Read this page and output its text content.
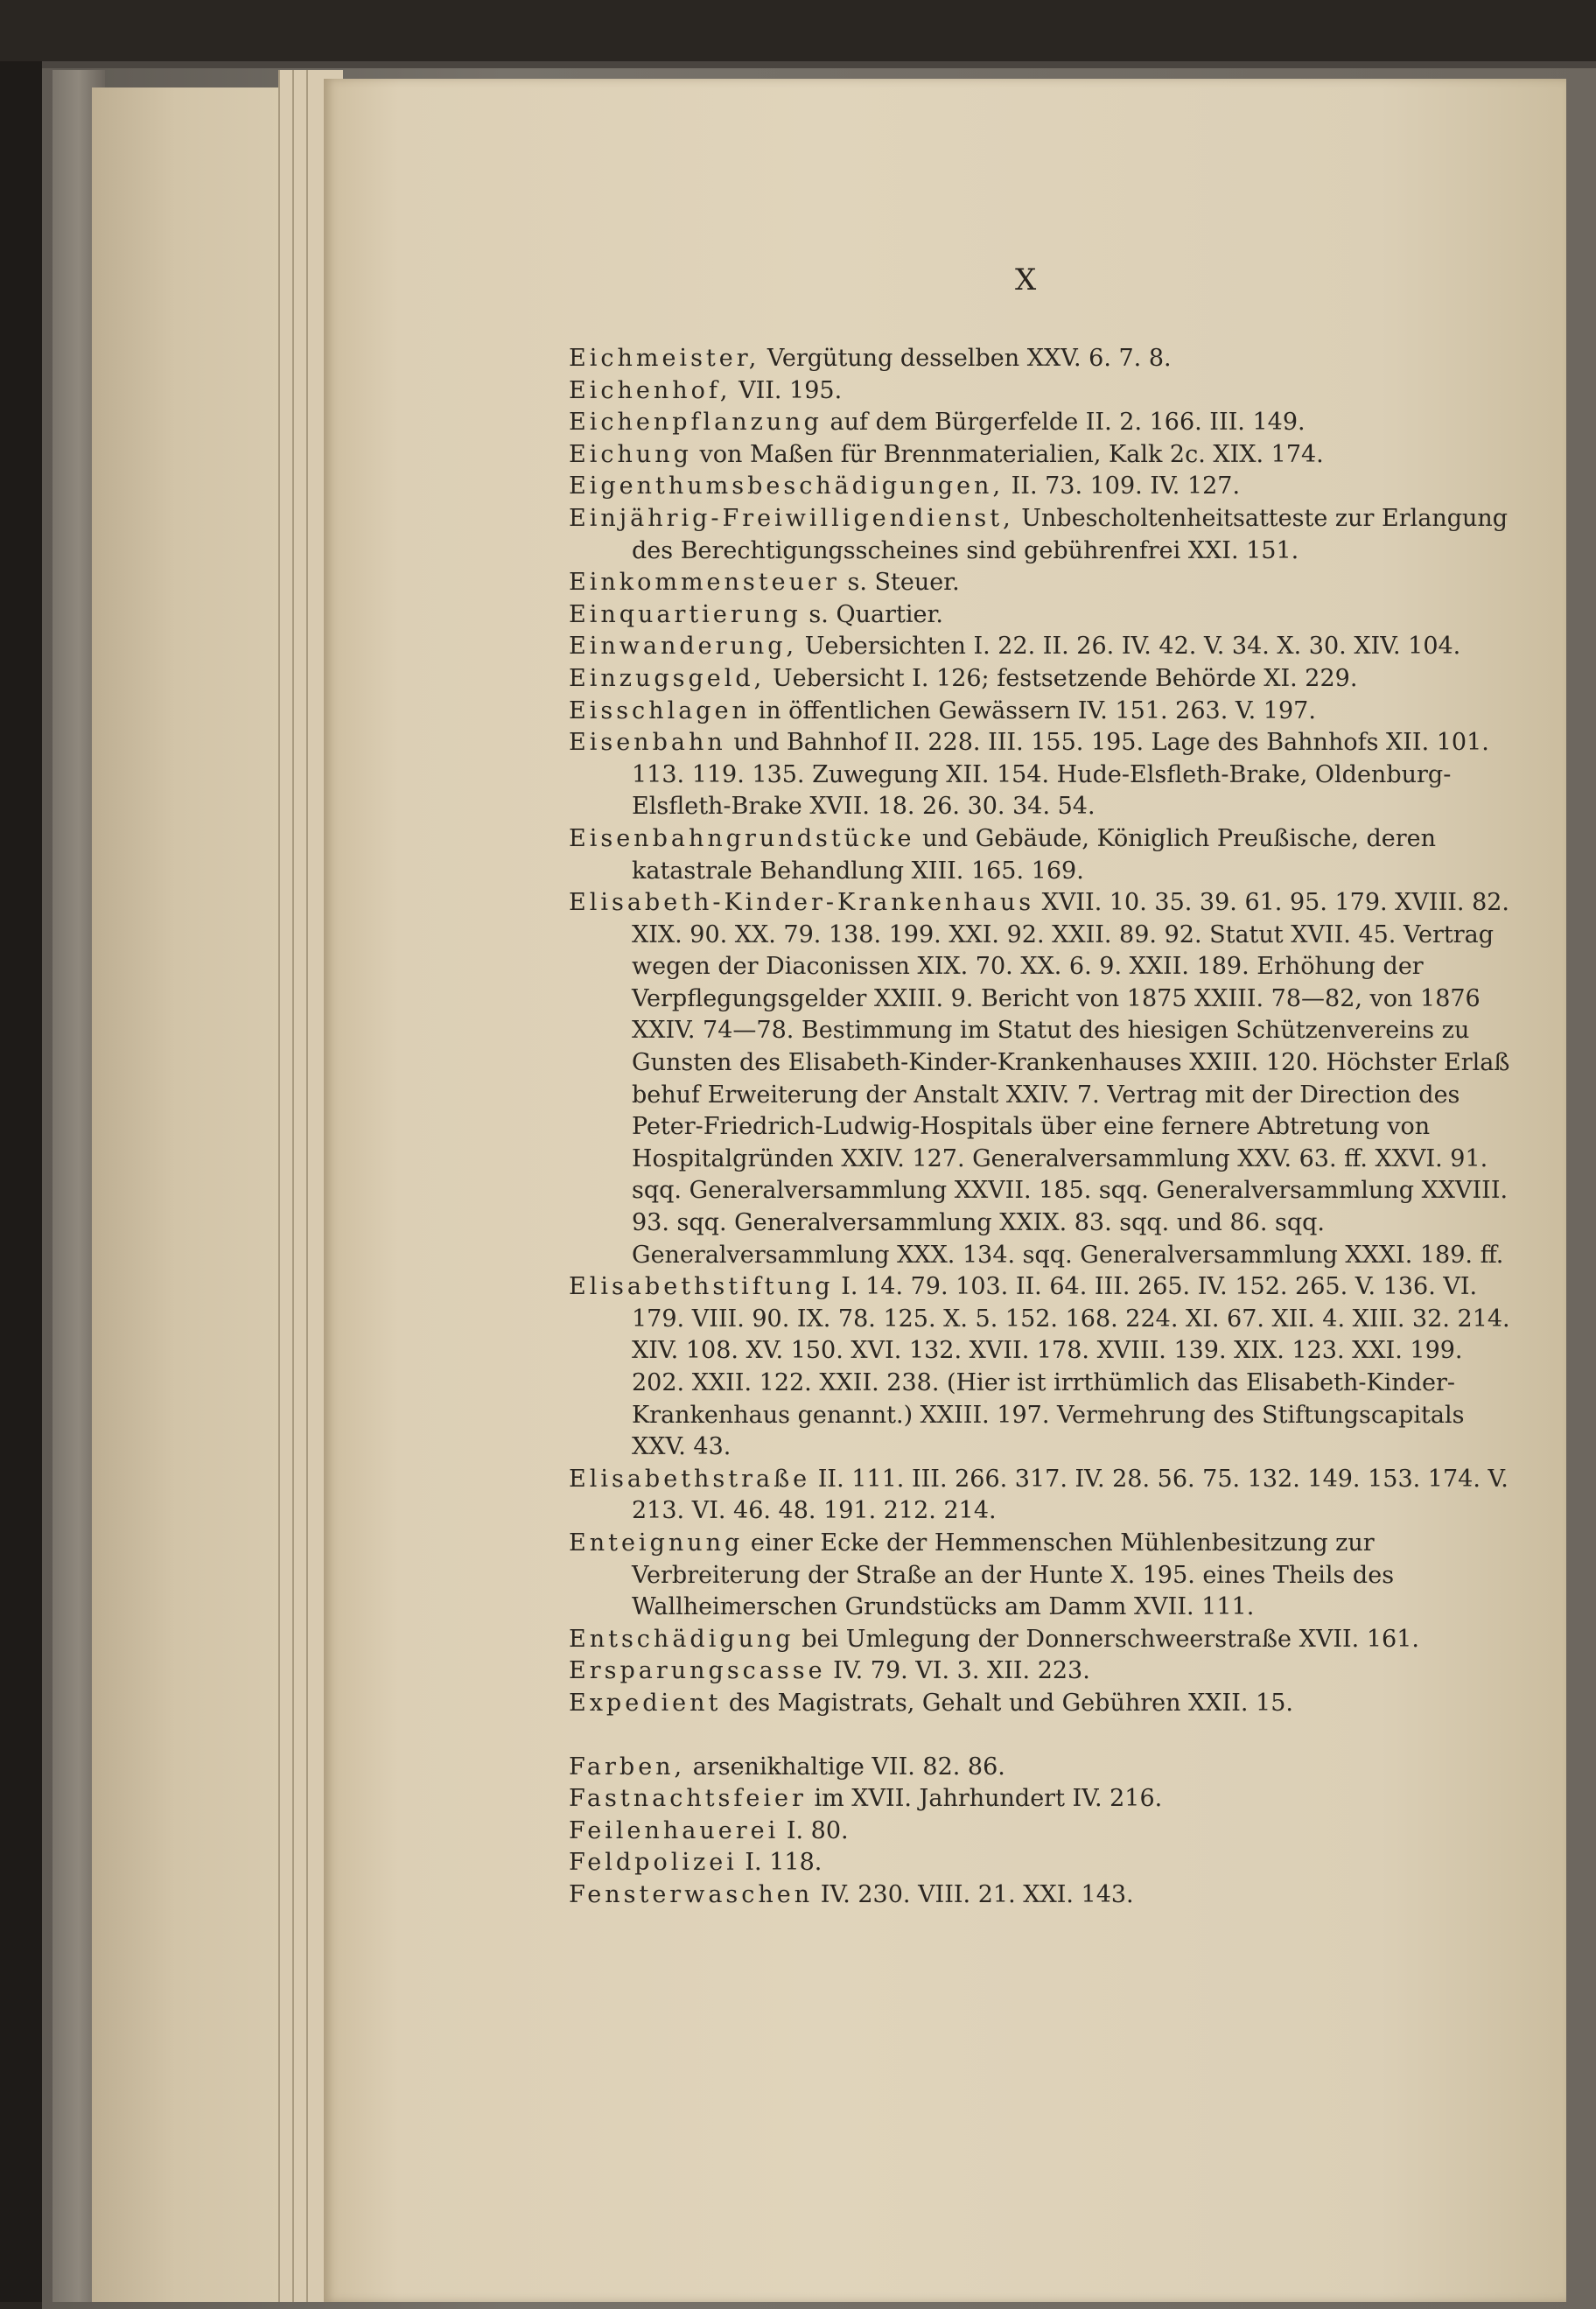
X

Eichmeister, Vergütung desselben XXV. 6. 7. 8.

Eichenhof, VII. 195.

Eichenpflanzung auf dem Bürgerfelde II. 2. 166. III. 149.

Eichung von Maßen für Brennmaterialien, Kalk 2c. XIX. 174.

Eigenthumsbeschädigungen, II. 73. 109. IV. 127.

Einjährig-Freiwilligendienst, Unbescholtenheitsatteste zur Erlangung des Berechtigungsscheines sind gebührenfrei XXI. 151.

Einkommensteuer s. Steuer.

Einquartierung s. Quartier.

Einwanderung, Uebersichten I. 22. II. 26. IV. 42. V. 34. X. 30. XIV. 104.

Einzugsgeld, Uebersicht I. 126; festsetzende Behörde XI. 229.

Eisschlagen in öffentlichen Gewässern IV. 151. 263. V. 197.

Eisenbahn und Bahnhof II. 228. III. 155. 195. Lage des Bahnhofs XII. 101. 113. 119. 135. Zuwegung XII. 154. Hude-Elsfleth-Brake, Oldenburg-Elsfleth-Brake XVII. 18. 26. 30. 34. 54.

Eisenbahngrundstücke und Gebäude, Königlich Preußische, deren katastrale Behandlung XIII. 165. 169.

Elisabeth-Kinder-Krankenhaus XVII. 10. 35. 39. 61. 95. 179. XVIII. 82. XIX. 90. XX. 79. 138. 199. XXI. 92. XXII. 89. 92. Statut XVII. 45. Vertrag wegen der Diaconissen XIX. 70. XX. 6. 9. XXII. 189. Erhöhung der Verpflegungsgelder XXIII. 9. Bericht von 1875 XXIII. 78—82, von 1876 XXIV. 74—78. Bestimmung im Statut des hiesigen Schützenvereins zu Gunsten des Elisabeth-Kinder-Krankenhauses XXIII. 120. Höchster Erlaß behuf Erweiterung der Anstalt XXIV. 7. Vertrag mit der Direction des Peter-Friedrich-Ludwig-Hospitals über eine fernere Abtretung von Hospitalgründen XXIV. 127. Generalversammlung XXV. 63. ff. XXVI. 91. sqq. Generalversammlung XXVII. 185. sqq. Generalversammlung XXVIII. 93. sqq. Generalversammlung XXIX. 83. sqq. und 86. sqq. Generalversammlung XXX. 134. sqq. Generalversammlung XXXI. 189. ff.

Elisabethstiftung I. 14. 79. 103. II. 64. III. 265. IV. 152. 265. V. 136. VI. 179. VIII. 90. IX. 78. 125. X. 5. 152. 168. 224. XI. 67. XII. 4. XIII. 32. 214. XIV. 108. XV. 150. XVI. 132. XVII. 178. XVIII. 139. XIX. 123. XXI. 199. 202. XXII. 122. XXII. 238. (Hier ist irrthümlich das Elisabeth-Kinder-Krankenhaus genannt.) XXIII. 197. Vermehrung des Stiftungscapitals XXV. 43.

Elisabethstraße II. 111. III. 266. 317. IV. 28. 56. 75. 132. 149. 153. 174. V. 213. VI. 46. 48. 191. 212. 214.

Enteignung einer Ecke der Hemmenschen Mühlenbesitzung zur Verbreiterung der Straße an der Hunte X. 195. eines Theils des Wallheimerschen Grundstücks am Damm XVII. 111.

Entschädigung bei Umlegung der Donnerschweerstraße XVII. 161.

Ersparungscasse IV. 79. VI. 3. XII. 223.

Expedient des Magistrats, Gehalt und Gebühren XXII. 15.

Farben, arsenikhaltige VII. 82. 86.

Fastnachtsfeier im XVII. Jahrhundert IV. 216.

Feilenhauerei I. 80.

Feldpolizei I. 118.

Fensterwaschen IV. 230. VIII. 21. XXI. 143.
